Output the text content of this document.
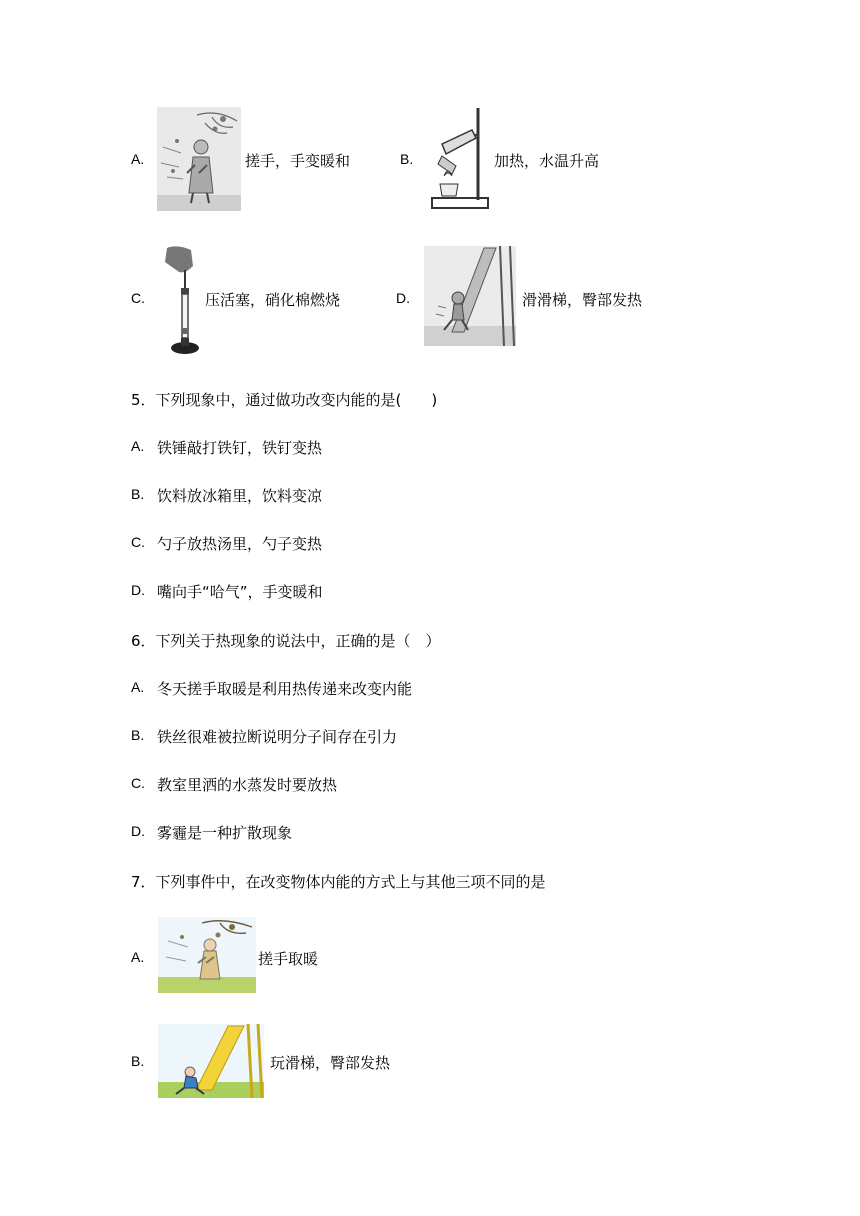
A.	搓手，手变暖和	B.	加热，水温升高
C.	压活塞，硝化棉燃烧	D.	滑滑梯，臀部发热
5．下列现象中，通过做功改变内能的是(　　)
A. 铁锤敲打铁钉，铁钉变热
B. 饮料放冰箱里，饮料变凉
C. 勺子放热汤里，勺子变热
D. 嘴向手“哈气”，手变暖和
6．下列关于热现象的说法中，正确的是（　）
A. 冬天搓手取暖是利用热传递来改变内能
B. 铁丝很难被拉断说明分子间存在引力
C. 教室里洒的水蒸发时要放热
D. 雾霾是一种扩散现象
7．下列事件中，在改变物体内能的方式上与其他三项不同的是
A.	搓手取暖
B.	玩滑梯，臀部发热
